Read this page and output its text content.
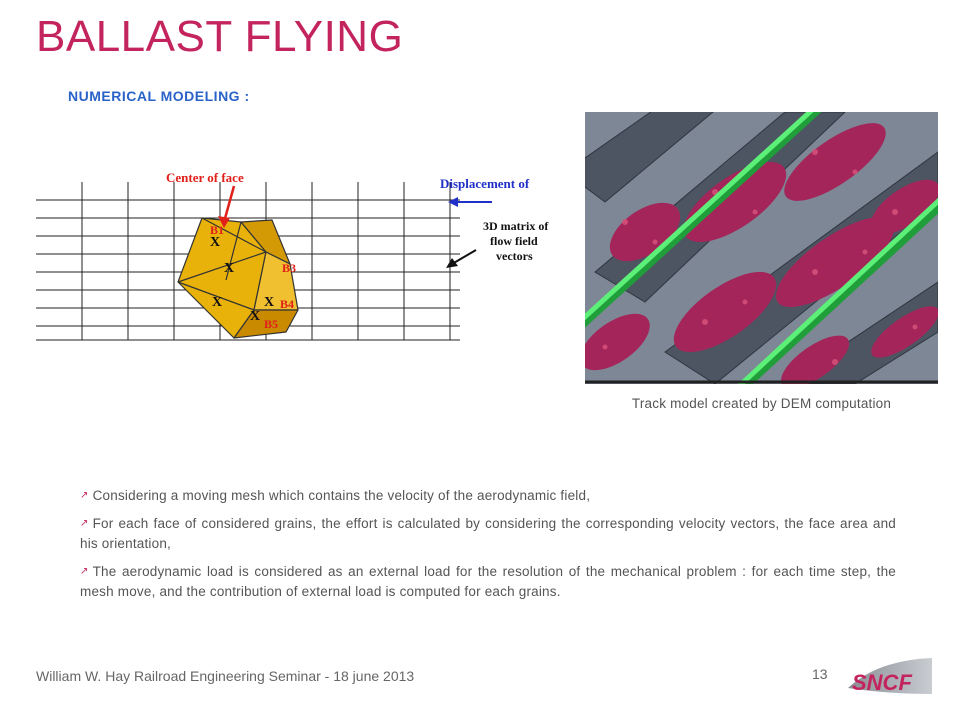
BALLAST FLYING
NUMERICAL MODELING :
X
X
X	X
X
Center of face
B1
B3
B4
B5
Displacement of
3D matrix of
flow field
vectors
Track model created by DEM computation
↗ Considering a moving mesh which contains the velocity of the aerodynamic field,
↗ For each face of considered grains, the effort is calculated by considering the corresponding velocity vectors, the face area and his orientation,
↗ The aerodynamic load is considered as an external load for the resolution of the mechanical problem : for each time step, the mesh move, and the contribution of external load is computed for each grains.
William W. Hay Railroad Engineering Seminar - 18 june 2013	13 SNCF
